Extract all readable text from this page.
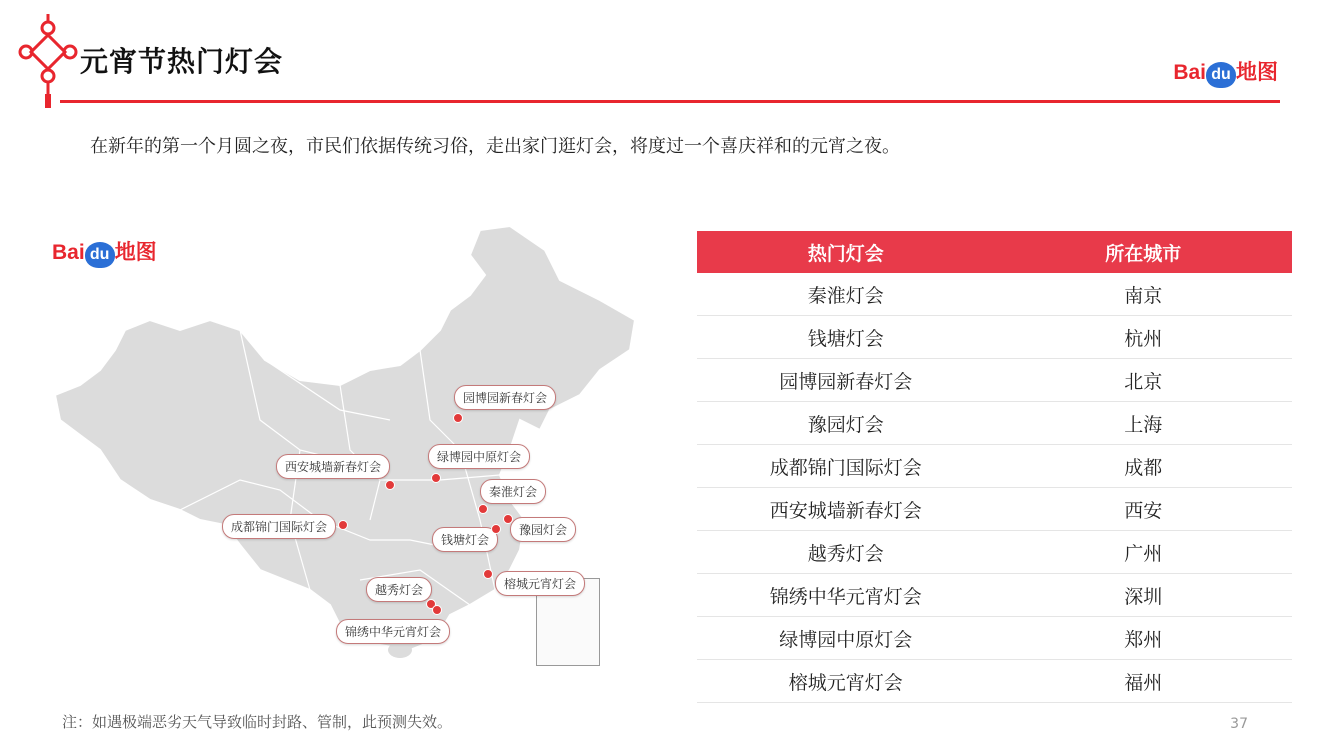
元宵节热门灯会	Bai du 地图
在新年的第一个月圆之夜，市民们依据传统习俗，走出家门逛灯会，将度过一个喜庆祥和的元宵之夜。
园博园新春灯会
绿博园中原灯会
西安城墙新春灯会
秦淮灯会
豫园灯会
成都锦门国际灯会
钱塘灯会
榕城元宵灯会
越秀灯会
锦绣中华元宵灯会
Bai du 地图	热门灯会	所在城市
秦淮灯会	南京
钱塘灯会	杭州
园博园新春灯会	北京
豫园灯会	上海
成都锦门国际灯会	成都
西安城墙新春灯会	西安
越秀灯会	广州
锦绣中华元宵灯会	深圳
绿博园中原灯会	郑州
榕城元宵灯会	福州
注：如遇极端恶劣天气导致临时封路、管制，此预测失效。	37
